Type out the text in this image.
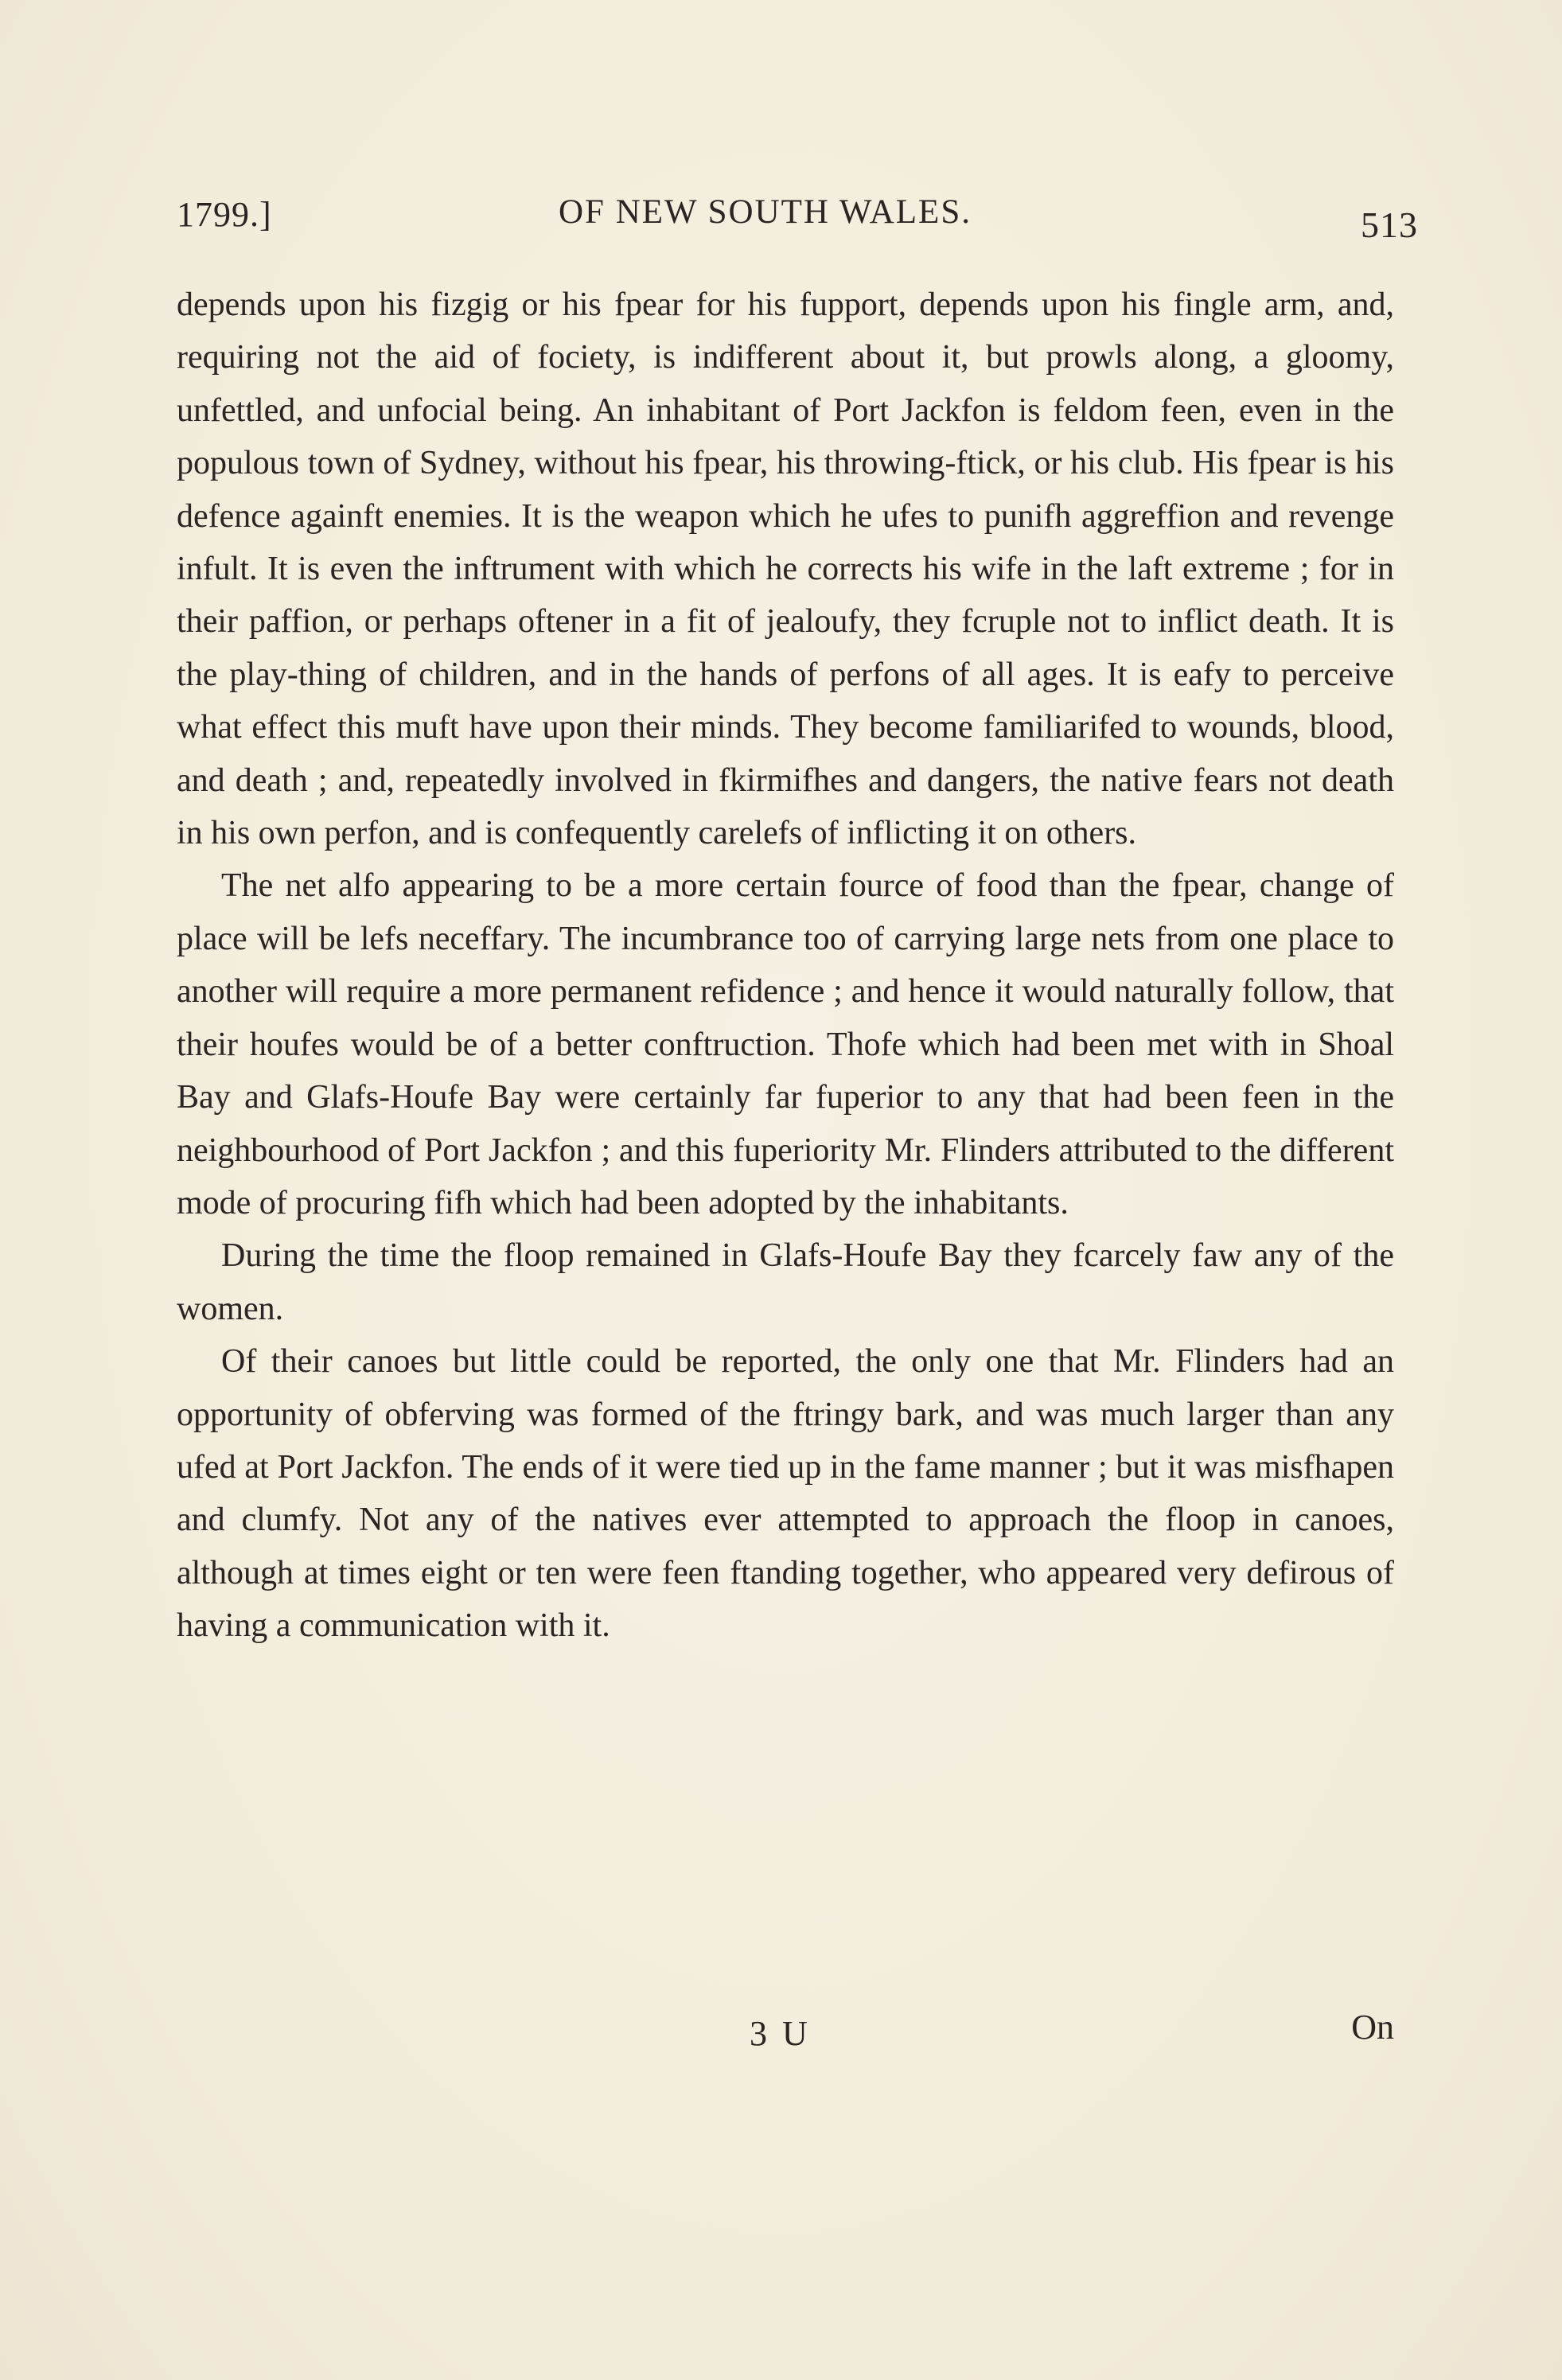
1799.]	OF NEW SOUTH WALES.	513

depends upon his fizgig or his fpear for his fupport, depends upon his fingle arm, and, requiring not the aid of fociety, is indifferent about it, but prowls along, a gloomy, unfettled, and unfocial being. An inhabitant of Port Jackfon is feldom feen, even in the populous town of Sydney, without his fpear, his throwing-ftick, or his club. His fpear is his defence againft enemies. It is the weapon which he ufes to punifh aggreffion and revenge infult. It is even the inftrument with which he corrects his wife in the laft extreme ; for in their paffion, or perhaps oftener in a fit of jealoufy, they fcruple not to inflict death. It is the play-thing of children, and in the hands of perfons of all ages. It is eafy to perceive what effect this muft have upon their minds. They become familiarifed to wounds, blood, and death ; and, repeatedly involved in fkirmifhes and dangers, the native fears not death in his own perfon, and is confequently carelefs of inflicting it on others.

The net alfo appearing to be a more certain fource of food than the fpear, change of place will be lefs neceffary. The incumbrance too of carrying large nets from one place to another will require a more permanent refidence ; and hence it would naturally follow, that their houfes would be of a better conftruction. Thofe which had been met with in Shoal Bay and Glafs-Houfe Bay were certainly far fuperior to any that had been feen in the neighbourhood of Port Jackfon ; and this fuperiority Mr. Flinders attributed to the different mode of procuring fifh which had been adopted by the inhabitants.

During the time the floop remained in Glafs-Houfe Bay they fcarcely faw any of the women.

Of their canoes but little could be reported, the only one that Mr. Flinders had an opportunity of obferving was formed of the ftringy bark, and was much larger than any ufed at Port Jackfon. The ends of it were tied up in the fame manner ; but it was misfhapen and clumfy. Not any of the natives ever attempted to approach the floop in canoes, although at times eight or ten were feen ftanding together, who appeared very defirous of having a communication with it.

3 U	On
